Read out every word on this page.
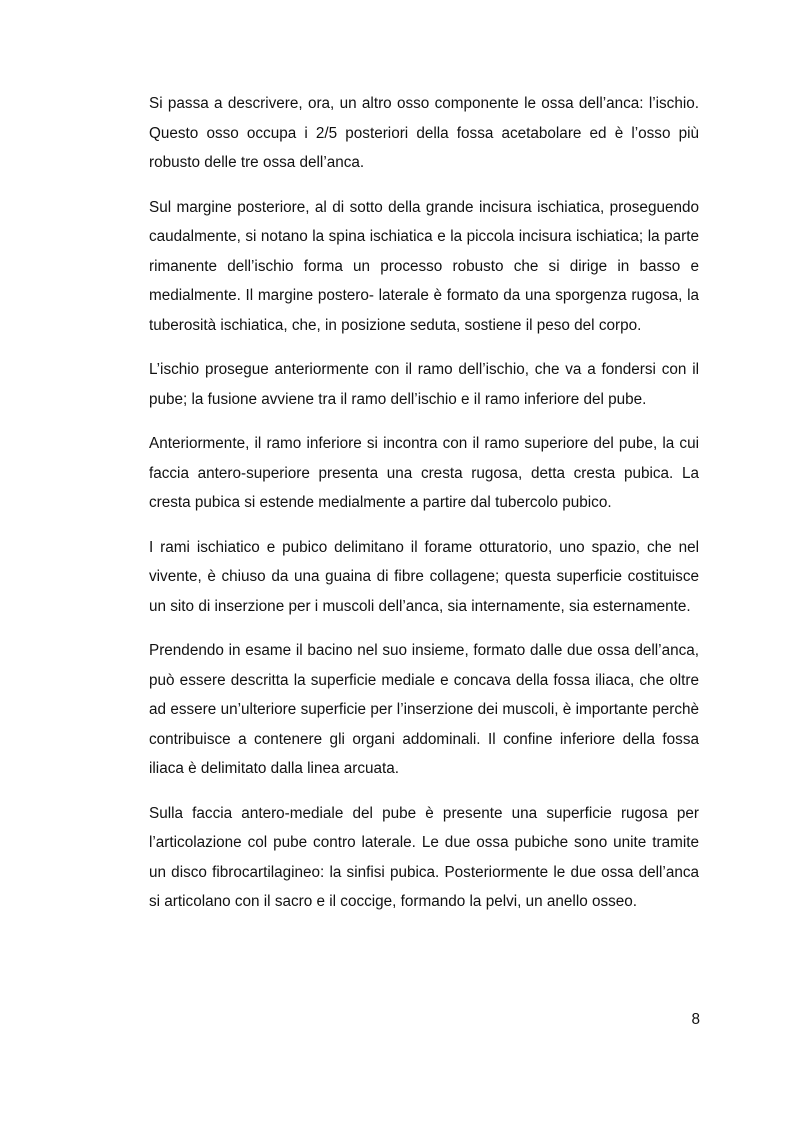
Si passa a descrivere, ora, un altro osso componente le ossa dell’anca: l’ischio. Questo osso occupa i 2/5 posteriori della fossa acetabolare ed è l’osso più robusto delle tre ossa dell’anca.

Sul margine posteriore, al di sotto della grande incisura ischiatica, proseguendo caudalmente, si notano la spina ischiatica e la piccola incisura ischiatica; la parte rimanente dell’ischio forma un processo robusto che si dirige in basso e medialmente. Il margine postero- laterale è formato da una sporgenza rugosa, la tuberosità ischiatica, che, in posizione seduta, sostiene il peso del corpo.

L’ischio prosegue anteriormente con il ramo dell’ischio, che va a fondersi con il pube; la fusione avviene tra il ramo dell’ischio e il ramo inferiore del pube.

Anteriormente, il ramo inferiore si incontra con il ramo superiore del pube, la cui faccia antero-superiore presenta una cresta rugosa, detta cresta pubica. La cresta pubica si estende medialmente a partire dal tubercolo pubico.

I rami ischiatico e pubico delimitano il forame otturatorio, uno spazio, che nel vivente, è chiuso da una guaina di fibre collagene; questa superficie costituisce un sito di inserzione per i muscoli dell’anca, sia internamente, sia esternamente.

Prendendo in esame il bacino nel suo insieme, formato dalle due ossa dell’anca, può essere descritta la superficie mediale e concava della fossa iliaca, che oltre ad essere un’ulteriore superficie per l’inserzione dei muscoli, è importante perchè contribuisce a contenere gli organi addominali. Il confine inferiore della fossa iliaca è delimitato dalla linea arcuata.

Sulla faccia antero-mediale del pube è presente una superficie rugosa per l’articolazione col pube contro laterale. Le due ossa pubiche sono unite tramite un disco fibrocartilagineo: la sinfisi pubica. Posteriormente le due ossa dell’anca si articolano con il sacro e il coccige, formando la pelvi, un anello osseo.

8
